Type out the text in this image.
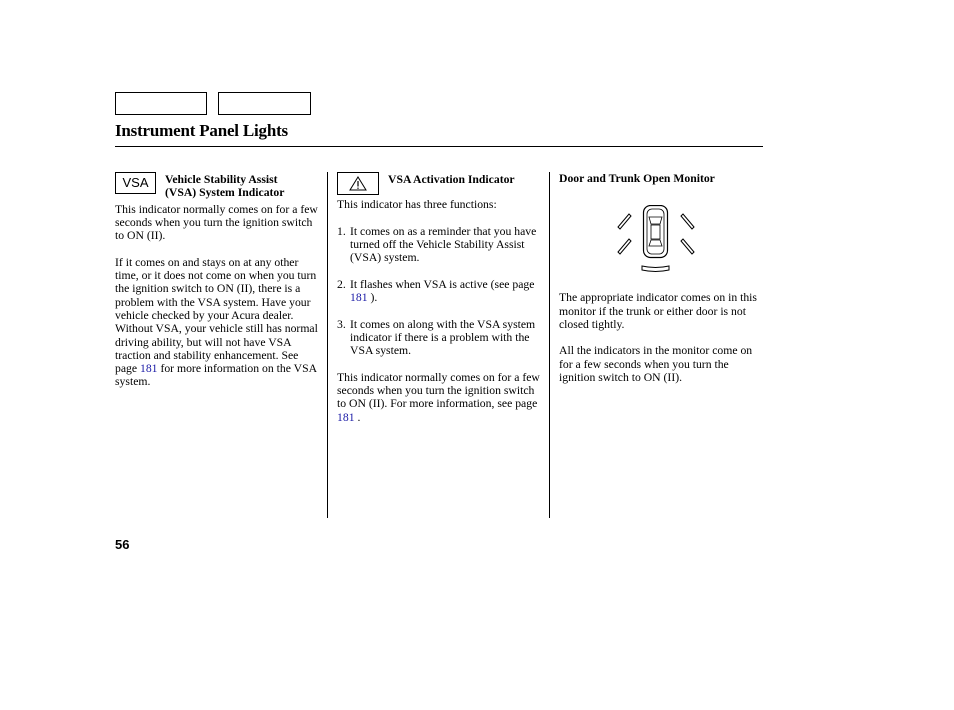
Instrument Panel Lights
VSA Vehicle Stability Assist
(VSA) System Indicator

This indicator normally comes on for a few seconds when you turn the ignition switch to ON (II).

If it comes on and stays on at any other time, or it does not come on when you turn the ignition switch to ON (II), there is a problem with the VSA system. Have your vehicle checked by your Acura dealer. Without VSA, your vehicle still has normal driving ability, but will not have VSA traction and stability enhancement. See page 181 for more information on the VSA system.

VSA Activation Indicator

This indicator has three functions:

1. It comes on as a reminder that you have turned off the Vehicle Stability Assist (VSA) system.
2. It flashes when VSA is active (see page 181 ).
3. It comes on along with the VSA system indicator if there is a problem with the VSA system.

This indicator normally comes on for a few seconds when you turn the ignition switch to ON (II). For more information, see page 181 .

Door and Trunk Open Monitor

The appropriate indicator comes on in this monitor if the trunk or either door is not closed tightly.

All the indicators in the monitor come on for a few seconds when you turn the ignition switch to ON (II).

56
